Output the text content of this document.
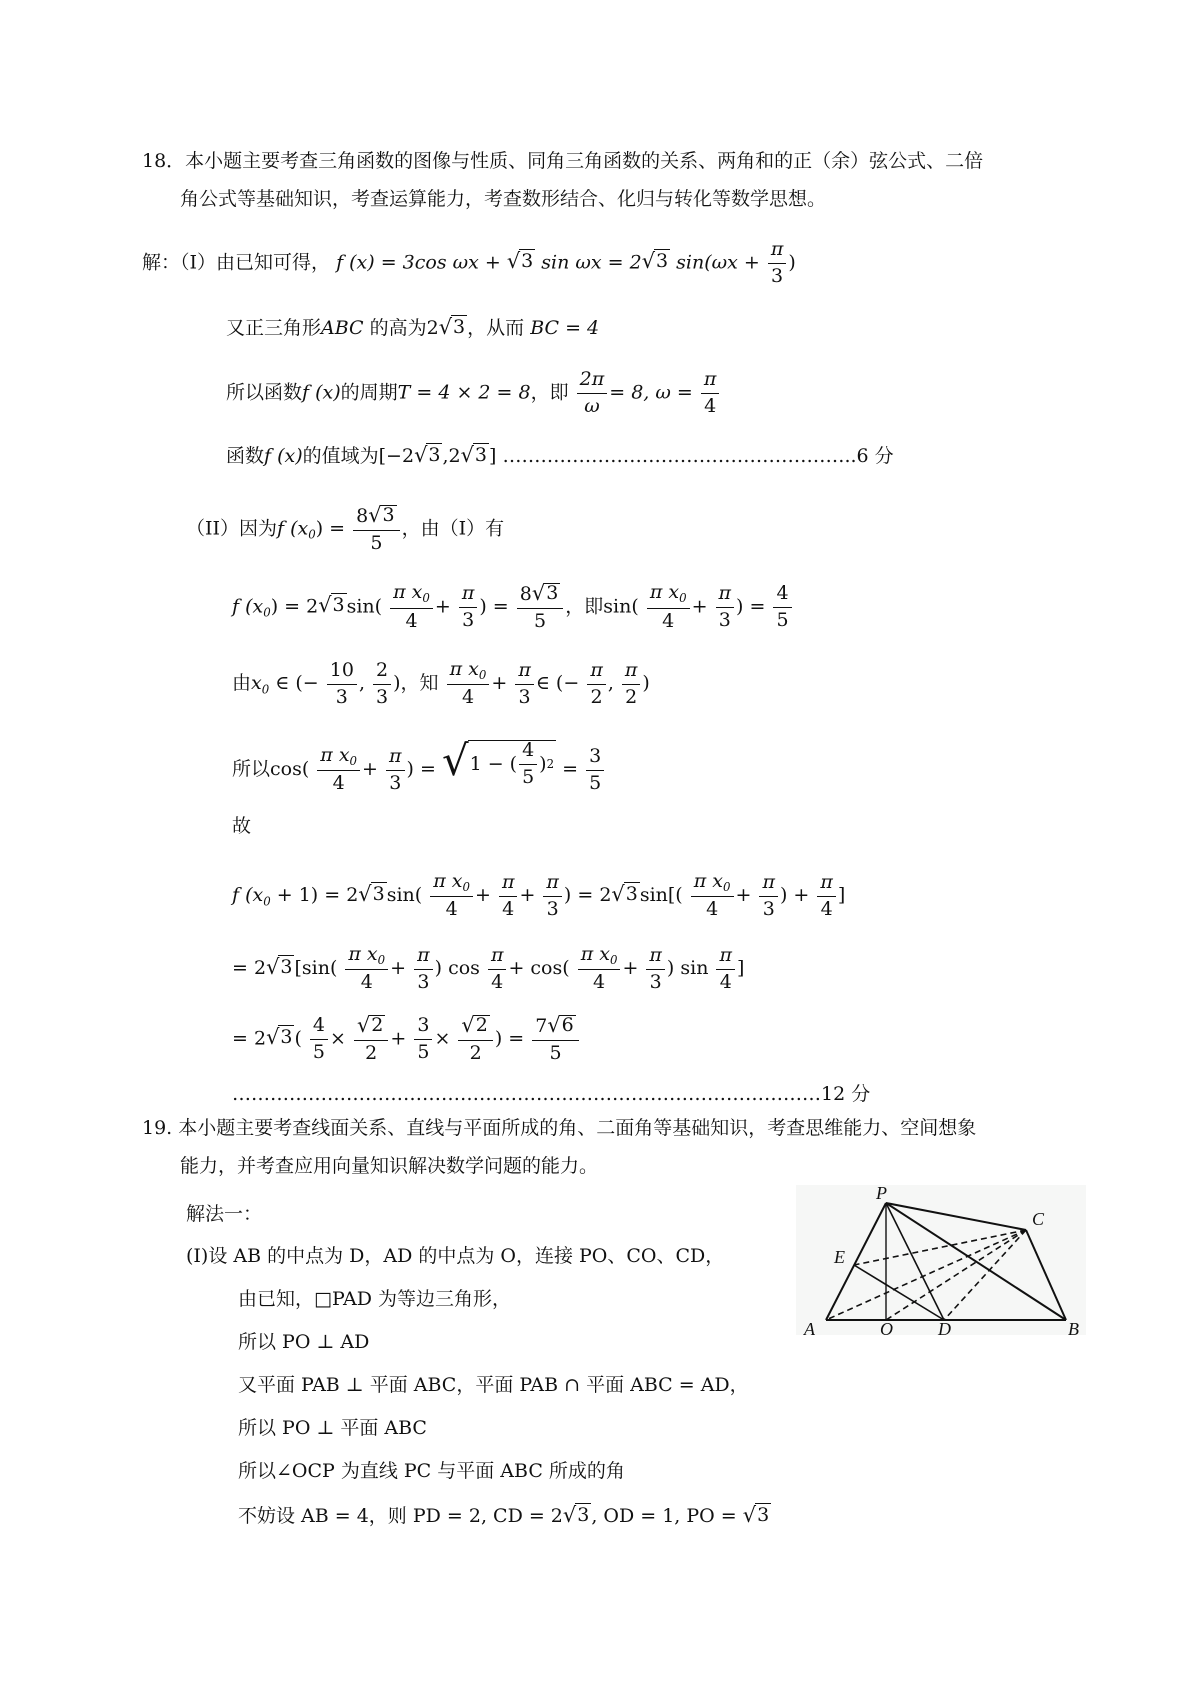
18．本小题主要考查三角函数的图像与性质、同角三角函数的关系、两角和的正（余）弦公式、二倍
角公式等基础知识，考查运算能力，考查数形结合、化归与转化等数学思想。
解：（I）由已知可得， f (x) = 3cos ωx + √ 3 sin ωx = 2 √ 3 $\sin(\omega x + \frac{\pi}{3}$ )
又正三角形ABC 的高为2 √ 3 ，从而 BC = 4
所以函数f (x)的周期T = 4 × 2 = 8，即 $\frac{2\pi}{\omega} = 8$, $\omega = \frac{\pi}{4}$
函数f (x)的值域为[−2 √ 3 ,2 √ 3 ] ………………………………………………..6 分
（II）因为f $(x_0) = \frac{8 √ 3}{5}$ ，由（I）有
f $(x_0) = 2$ √ 3 $\sin( \frac{\pi x_0}{4} + \frac{\pi}{3}$ ) = $\frac{8 √ 3}{5}$ ，即$\sin( \frac{\pi x_0}{4} + \frac{\pi}{3}$ ) = $\frac{4}{5}$
由$x_0$ ∈ (− $\frac{10}{3}$ , $\frac{2}{3}$ )，知 $\frac{\pi x_0}{4} + \frac{\pi}{3}$ ∈ (− $\frac{\pi}{2}$ , $\frac{\pi}{2}$ )
所以$\cos( \frac{\pi x_0}{4} + \frac{\pi}{3}$ ) = √ 1 − ( $\frac{4}{5}$ ) $2 = \frac{3}{5}$
故
f $(x_0 + 1) = 2$ √ 3 $\sin( \frac{\pi x_0}{4} + \frac{\pi}{4} + \frac{\pi}{3}$ ) = 2 √ 3 $\sin[( \frac{\pi x_0}{4} + \frac{\pi}{3}$ ) + $\frac{\pi}{4}$ ]
= 2 √ 3 [$\sin( \frac{\pi x_0}{4} + \frac{\pi}{3}$ ) $\cos \frac{\pi}{4} + \cos( \frac{\pi x_0}{4} + \frac{\pi}{3}$ ) $\sin \frac{\pi}{4}$ ]
= 2 √ 3 ( $\frac{4}{5} \times \frac{√ 2}{2} + \frac{3}{5} \times \frac{√ 2}{2}$ ) = $\frac{7 √ 6}{5}$
…………………………………………………………………………………12 分
19. 本小题主要考查线面关系、直线与平面所成的角、二面角等基础知识，考查思维能力、空间想象
能力，并考查应用向量知识解决数学问题的能力。
解法一：
(Ⅰ)设 AB 的中点为 D，AD 的中点为 O，连接 PO、CO、CD，
由已知，□PAD 为等边三角形，
所以 PO ⊥ AD
又平面 PAB ⊥ 平面 ABC，平面 PAB ∩ 平面 ABC = AD，
所以 PO ⊥ 平面 ABC
所以∠OCP 为直线 PC 与平面 ABC 所成的角
不妨设 AB = 4，则 PD = 2, CD = 2 √ 3 , OD = 1, PO = √ 3
P
C
E
A	O	D	B
